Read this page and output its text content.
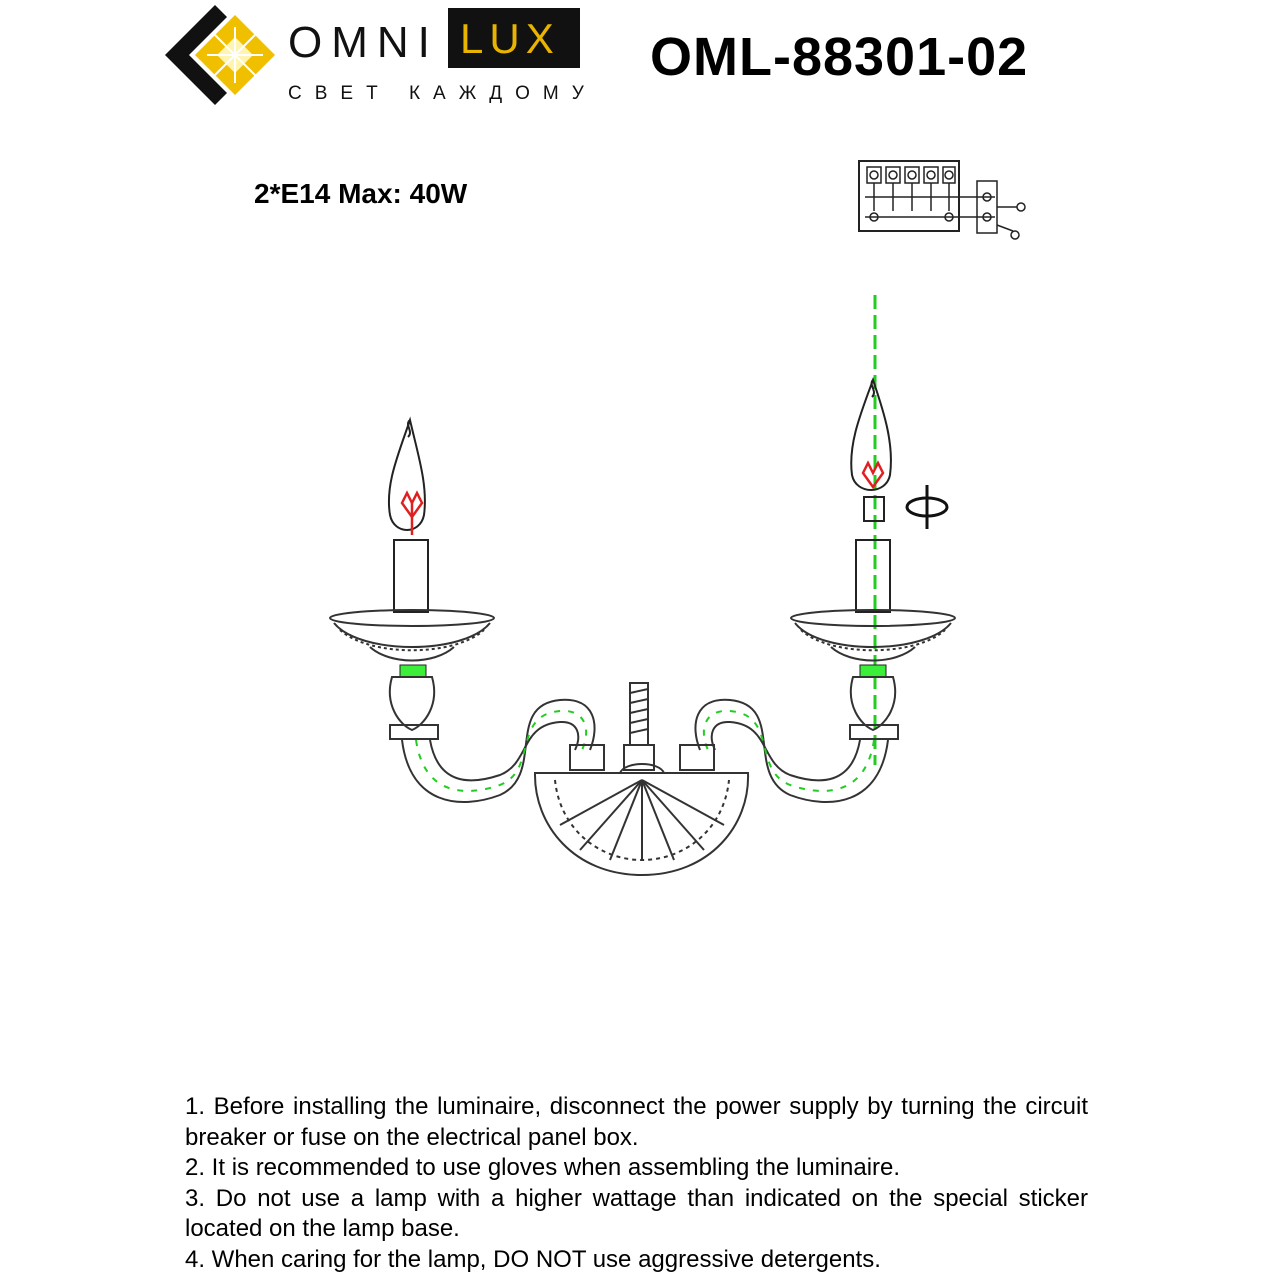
OMNI LUX
СВЕТ КАЖДОМУ
OML-88301-02
2*E14 Max: 40W
1. Before installing the luminaire, disconnect the power supply by turning the circuit breaker or fuse on the electrical panel box.
2. It is recommended to use gloves when assembling the luminaire.
3. Do not use a lamp with a higher wattage than indicated on the special sticker located on the lamp base.
4. When caring for the lamp, DO NOT use aggressive detergents.
